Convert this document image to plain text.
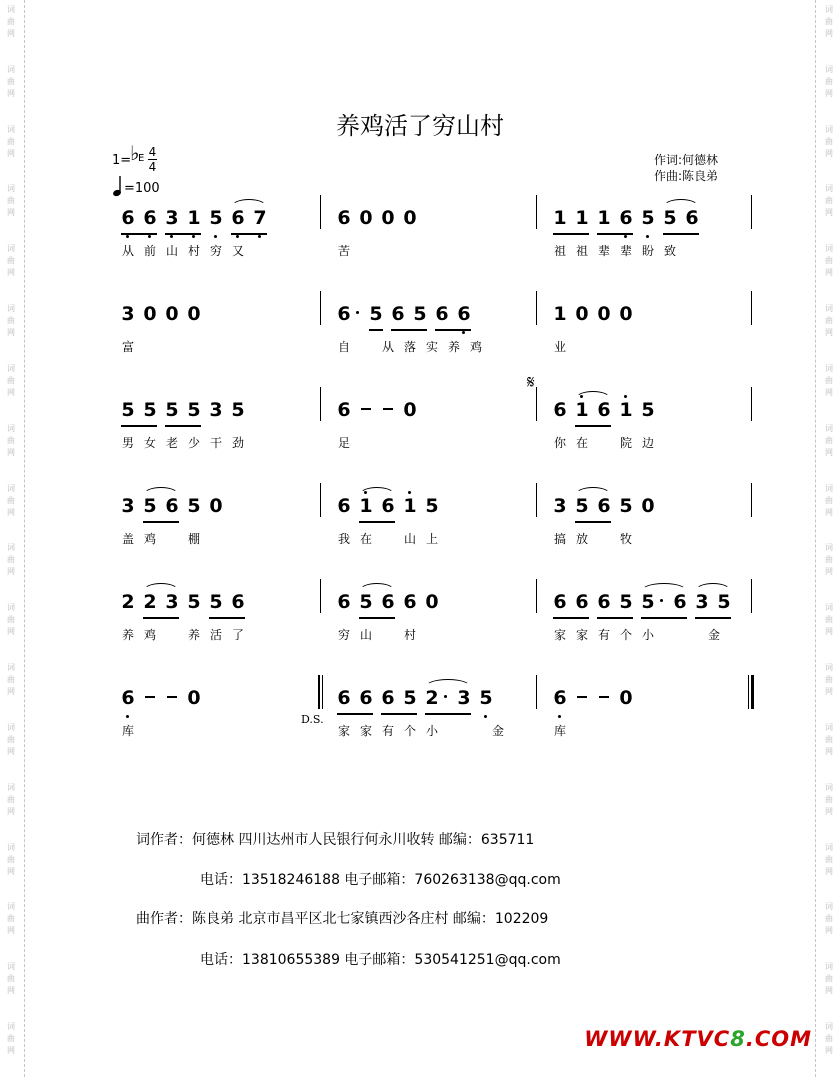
词
曲
网
词
曲
网
词
曲
网
词
曲
网
词
曲
网
词
曲
网
词
曲
网
词
曲
网
词
曲
网
词
曲
网
词
曲
网
词
曲
网
词
曲
网
词
曲
网
词
曲
网
词
曲
网
词
曲
网
词
曲
网
词
曲
网
词
曲
网
词
曲
网
词
曲
网
词
曲
网
词
曲
网
词
曲
网
词
曲
网
词
曲
网
词
曲
网
词
曲
网
词
曲
网
词
曲
网
词
曲
网
词
曲
网
词
曲
网
词
曲
网
词
曲
网
养鸡活了穷山村
1=
♭
E 4
4
=100
作词:何德林
作曲:陈良弟
6 6 3 1 5 6 7
从 前 山 村 穷 又
6 0 0 0
苦
1 1 1 6 5 5 6
祖 祖 辈 辈 盼 致
3 0 0 0
富
6 5 6 5 6 6
自	从 落 实 养 鸡
1 0 0 0
业
5 5 5 5 3 5
男 女 老 少 干 劲
6	0
足
6 1 6 1 5
你 在	院 边
3 5 6 5 0
盖 鸡	棚
6 1 6 1 5
我 在	山 上
3 5 6 5 0
搞 放	牧
2 2 3 5 5 6
养 鸡	养 活 了
6 5 6 6 0
穷 山	村
6 6 6 5 5 6 3 5
家 家 有 个 小	金
6	0
库
6 6 6 5 2 3 5
家 家 有 个 小	金
6	0
库
𝄋
D.S.
词作者：何德林 四川达州市人民银行何永川收转 邮编：635711
电话：13518246188 电子邮箱：760263138@qq.com
曲作者：陈良弟 北京市昌平区北七家镇西沙各庄村 邮编：102209
电话：13810655389 电子邮箱：530541251@qq.com
WWW.KTVC8.COM
